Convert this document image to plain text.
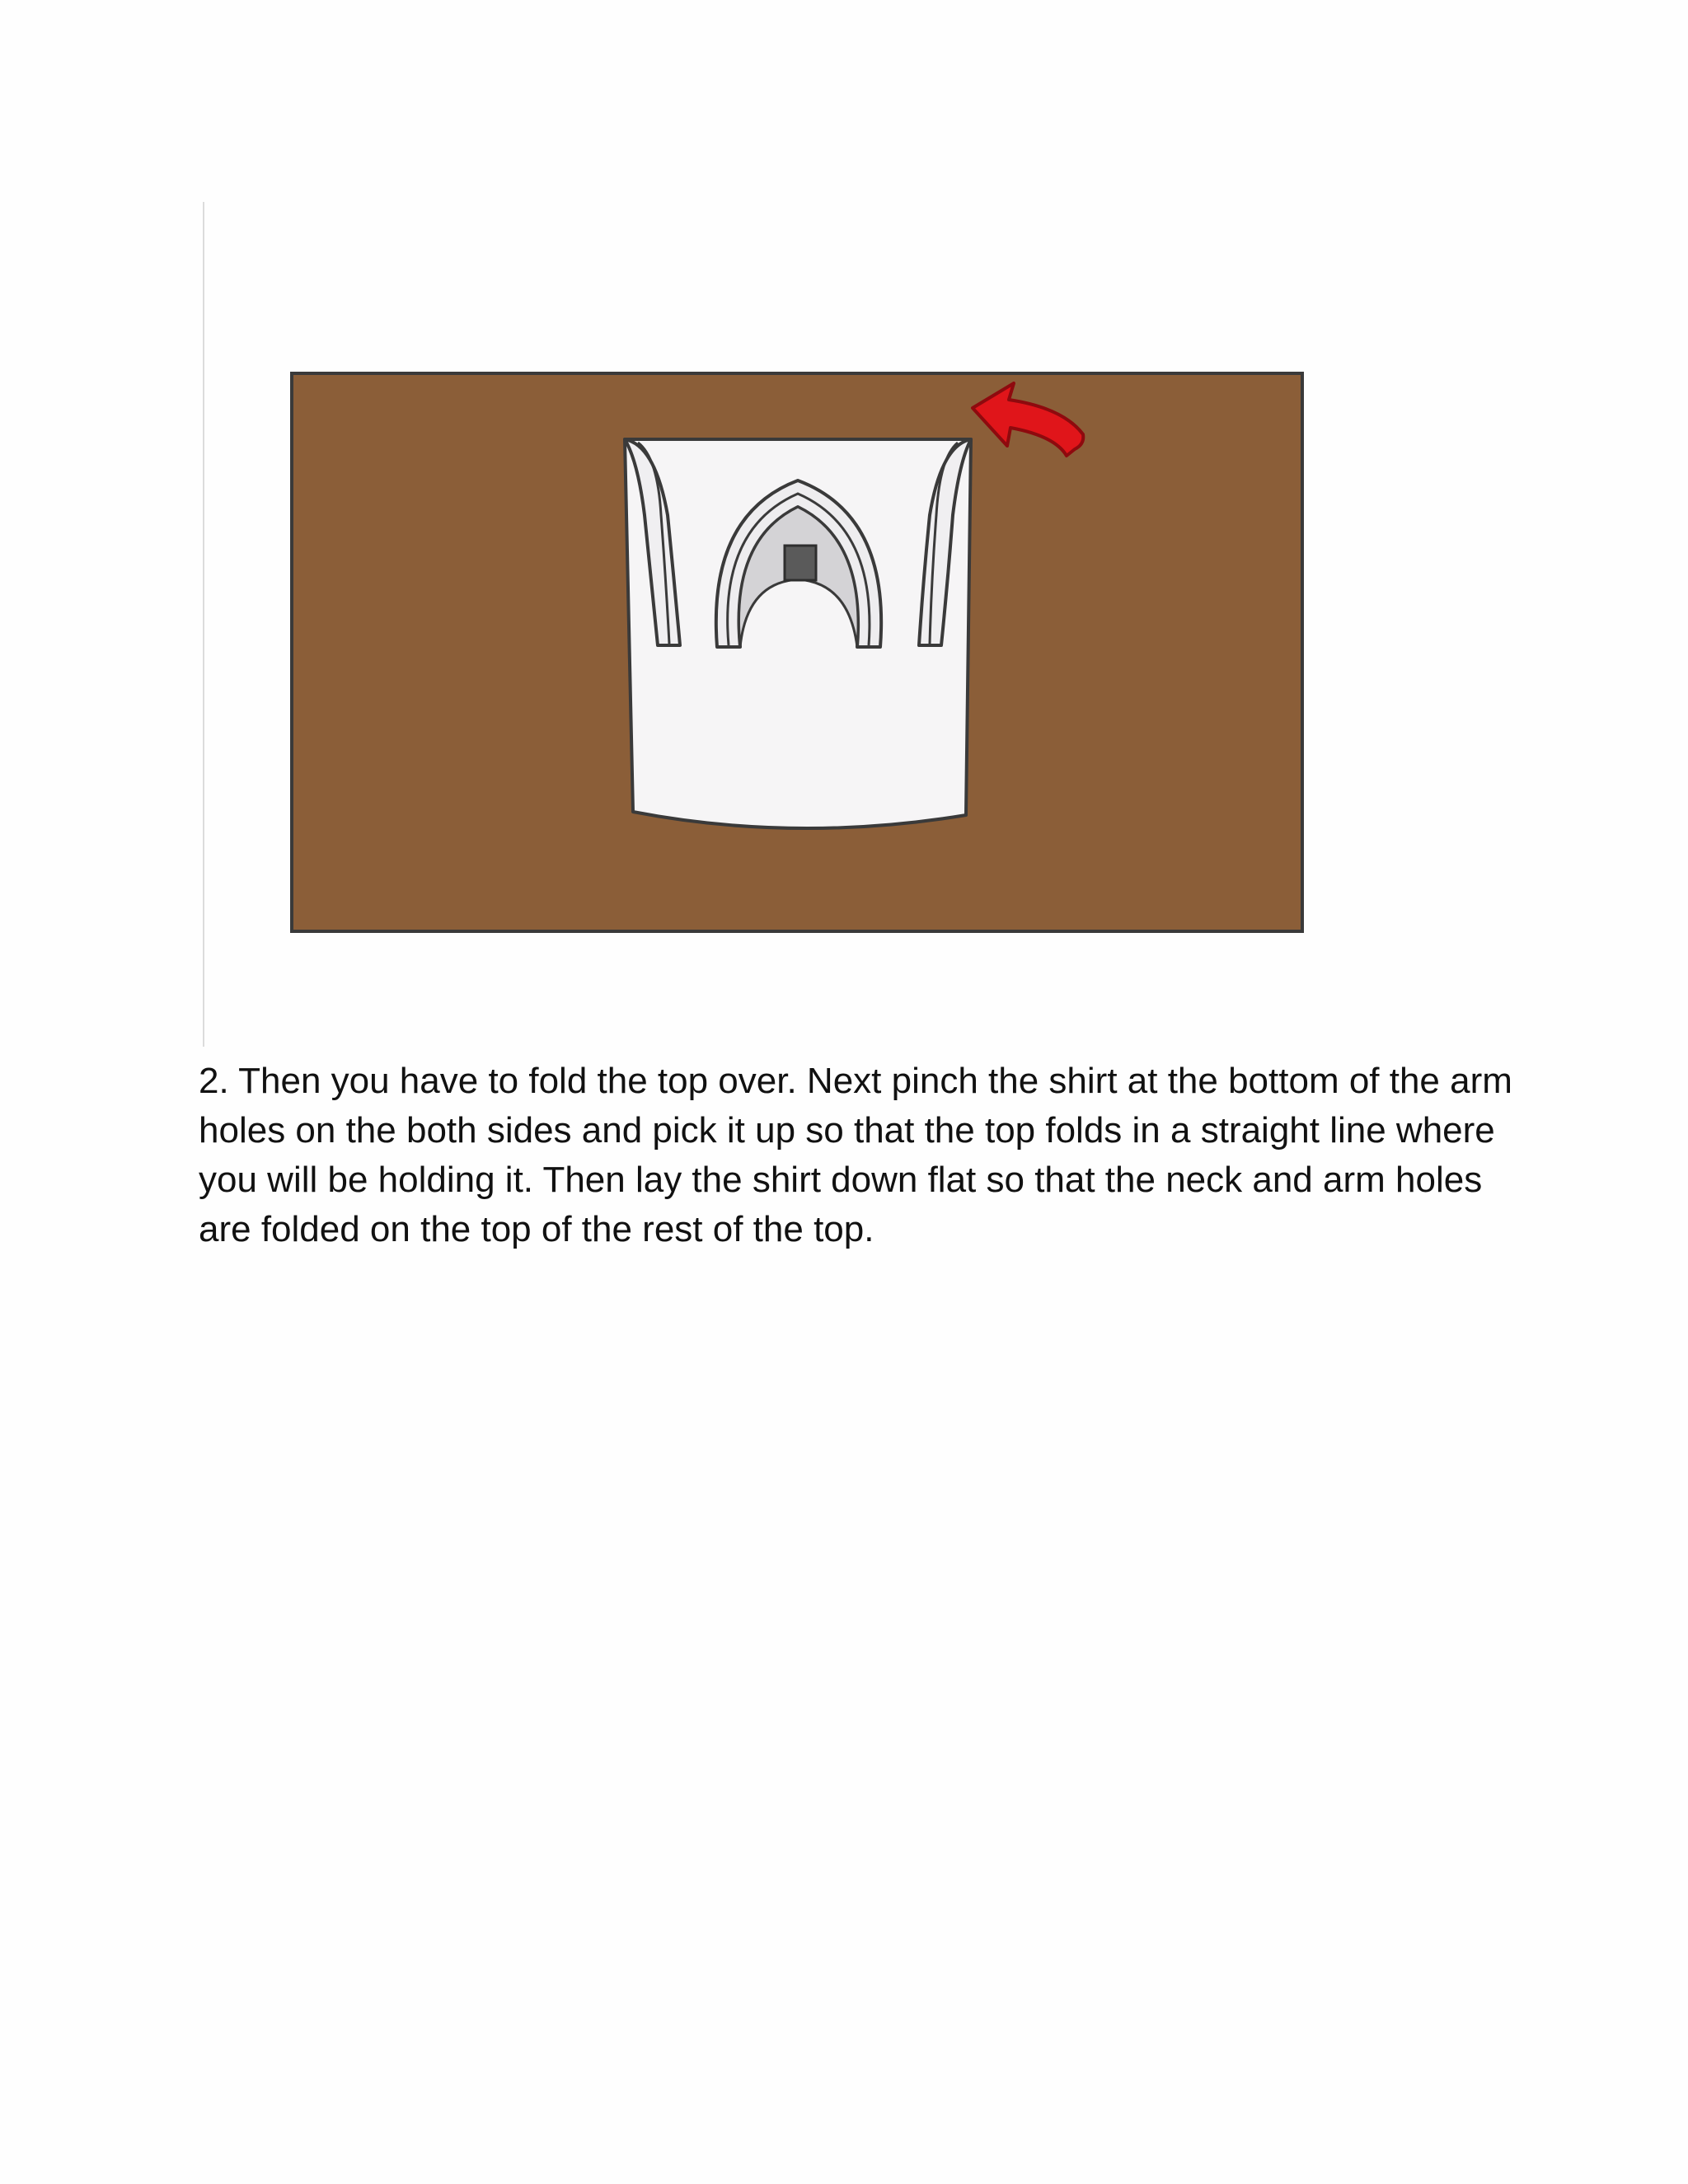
2. Then you have to fold the top over. Next pinch the shirt at the bottom of the arm holes on the both sides and pick it up so that the top folds in a straight line where you will be holding it. Then lay the shirt down flat so that the neck and arm holes are folded on the top of the rest of the top.
